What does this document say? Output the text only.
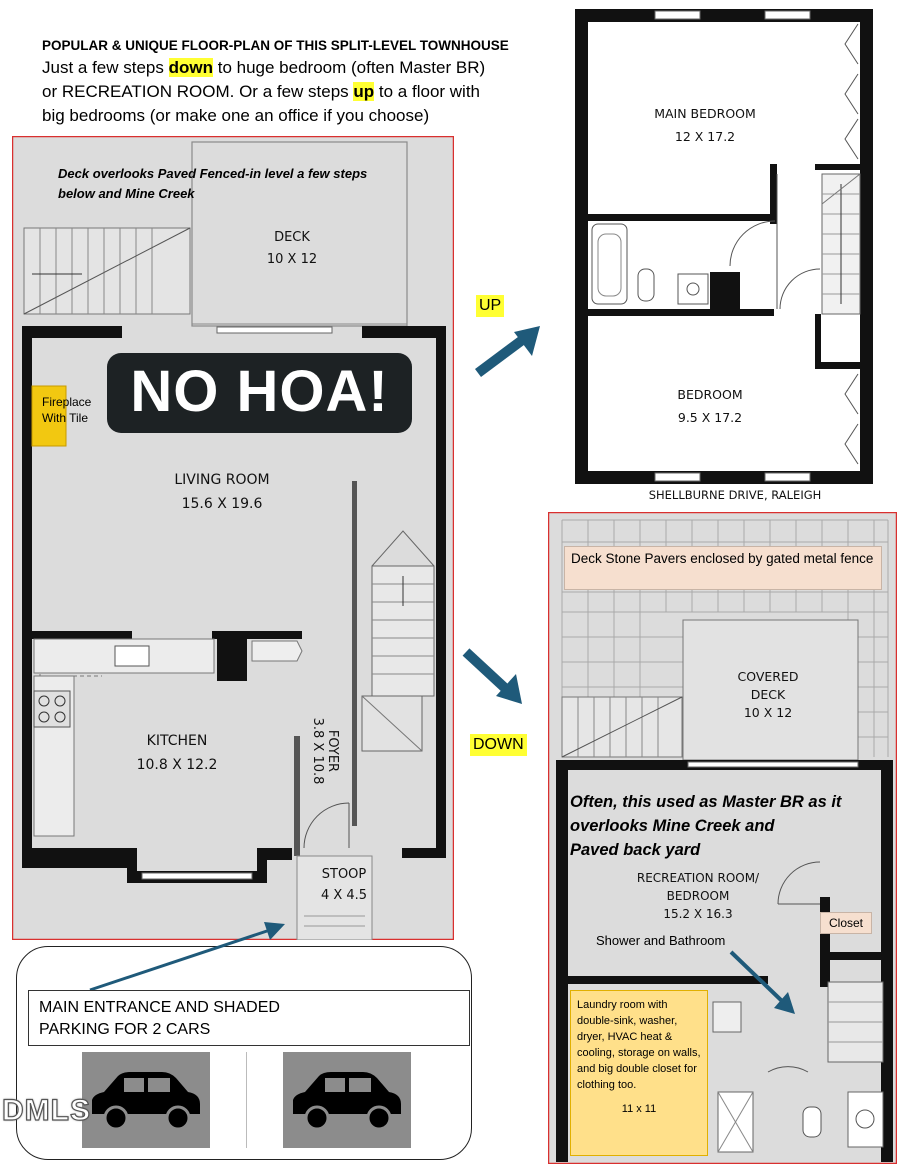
POPULAR & UNIQUE FLOOR-PLAN OF THIS SPLIT-LEVEL TOWNHOUSE
Just a few steps down to huge bedroom (often Master BR)
or RECREATION ROOM. Or a few steps up to a floor with
big bedrooms (or make one an office if you choose)
Deck overlooks Paved Fenced-in level a few steps below and Mine Creek
DECK
10 X 12
NO HOA!
Fireplace With Tile
LIVING ROOM
15.6 X 19.6
KITCHEN
10.8 X 12.2	FOYER
3.8 X 10.8
STOOP
4 X 4.5
UP
DOWN
MAIN BEDROOM
12 X 17.2
BEDROOM
9.5 X 17.2
SHELLBURNE DRIVE, RALEIGH
Deck Stone Pavers enclosed by gated metal fence
COVERED
DECK
10 X 12
Often, this used as Master BR as it
overlooks Mine Creek and
Paved back yard
RECREATION ROOM/
BEDROOM
15.2 X 16.3
Closet
Shower and Bathroom
Laundry room with double-sink, washer, dryer, HVAC heat & cooling, storage on walls, and big double closet for clothing too.
11 x 11
MAIN ENTRANCE AND SHADED
PARKING FOR 2 CARS
DMLS
